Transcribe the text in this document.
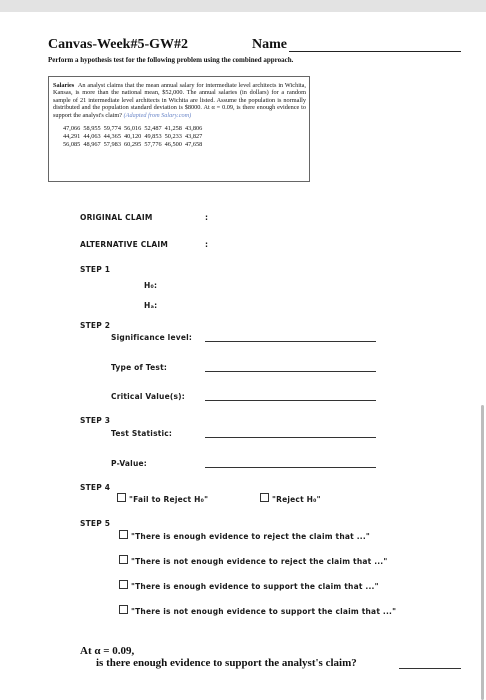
Canvas-Week#5-GW#2	Name
Perform a hypothesis test for the following problem using the combined approach.

Salaries An analyst claims that the mean annual salary for intermediate level architects in Wichita, Kansas, is more than the national mean, $52,000. The annual salaries (in dollars) for a random sample of 21 intermediate level architects in Wichita are listed. Assume the population is normally distributed and the population standard deviation is $8000. At α = 0.09, is there enough evidence to support the analyst's claim? (Adapted from Salary.com)

47,066	58,955	59,774	56,016	52,487	41,258	43,806
44,291	44,063	44,365	40,120	49,853	50,233	43,827
56,085	48,967	57,983	60,295	57,776	46,500	47,658
ORIGINAL CLAIM	:
ALTERNATIVE CLAIM	:
STEP 1
H₀:
Hₐ:
STEP 2
Significance level:
Type of Test:
Critical Value(s):
STEP 3
Test Statistic:
P-Value:
STEP 4
"Fail to Reject H₀"	"Reject H₀"
STEP 5
"There is enough evidence to reject the claim that ..."
"There is not enough evidence to reject the claim that ..."
"There is enough evidence to support the claim that ..."
"There is not enough evidence to support the claim that ..."
At α = 0.09,
is there enough evidence to support the analyst's claim?
